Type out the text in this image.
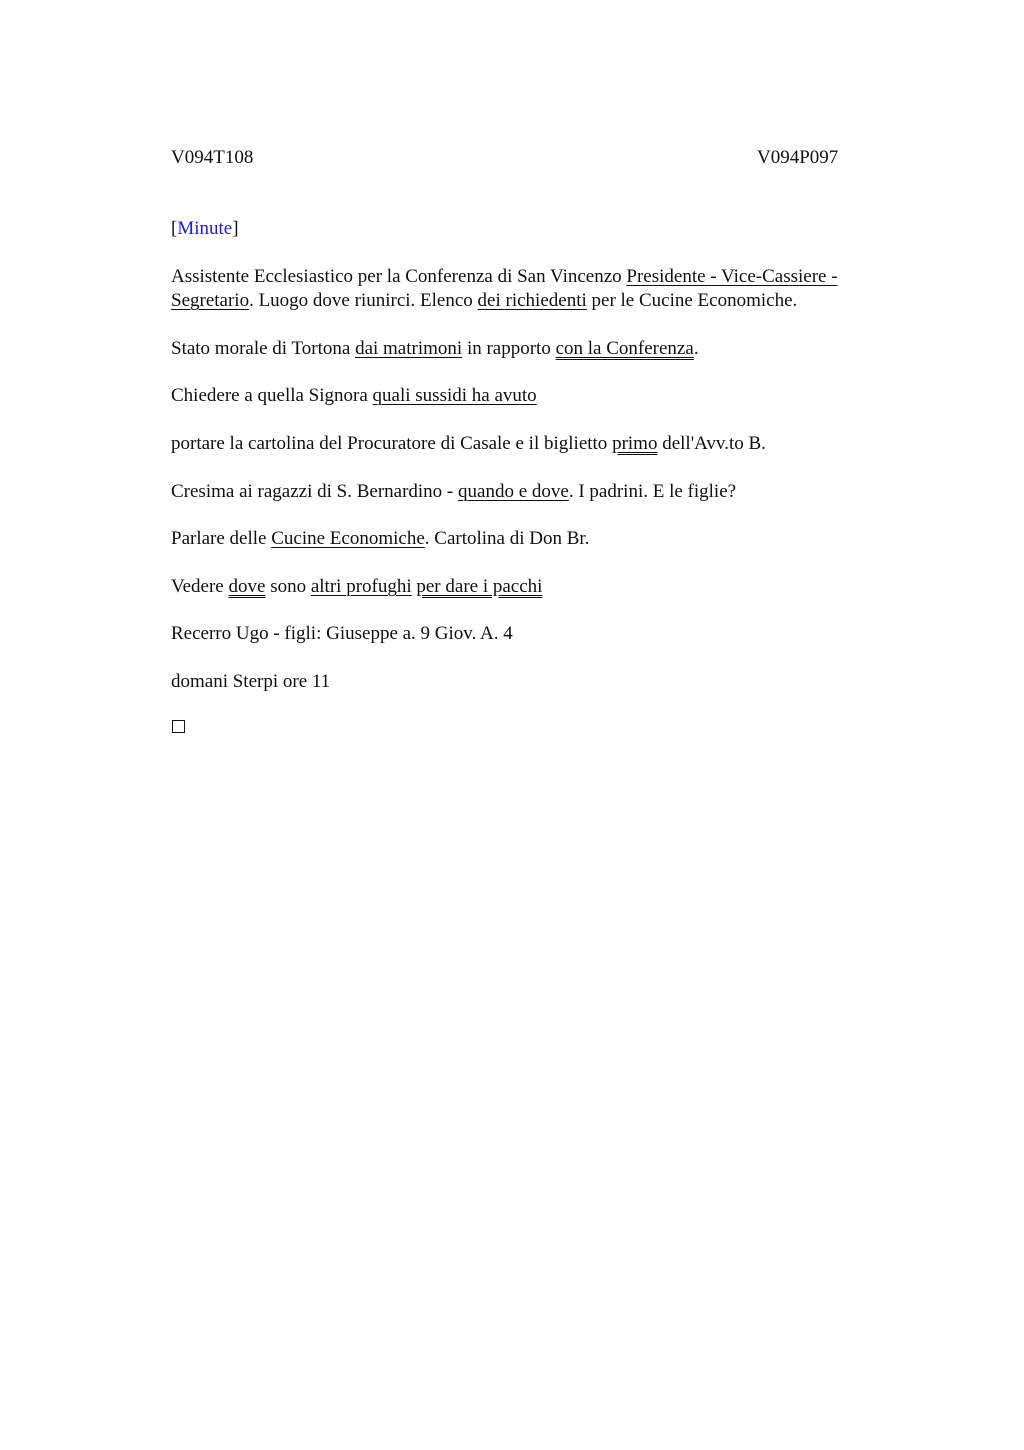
V094T108	V094P097
[Minute]
Assistente Ecclesiastico per la Conferenza di San Vincenzo Presidente - Vice-Cassiere - Segretario. Luogo dove riunirci. Elenco dei richiedenti per le Cucine Economiche.
Stato morale di Tortona dai matrimoni in rapporto con la Conferenza.
Chiedere a quella Signora quali sussidi ha avuto
portare la cartolina del Procuratore di Casale e il biglietto primo dell'Avv.to B.
Cresima ai ragazzi di S. Bernardino - quando e dove. I padrini. E le figlie?
Parlare delle Cucine Economiche. Cartolina di Don Br.
Vedere dove sono altri profughi per dare i pacchi
Recerro Ugo - figli: Giuseppe a. 9 Giov. A. 4
domani Sterpi ore 11
